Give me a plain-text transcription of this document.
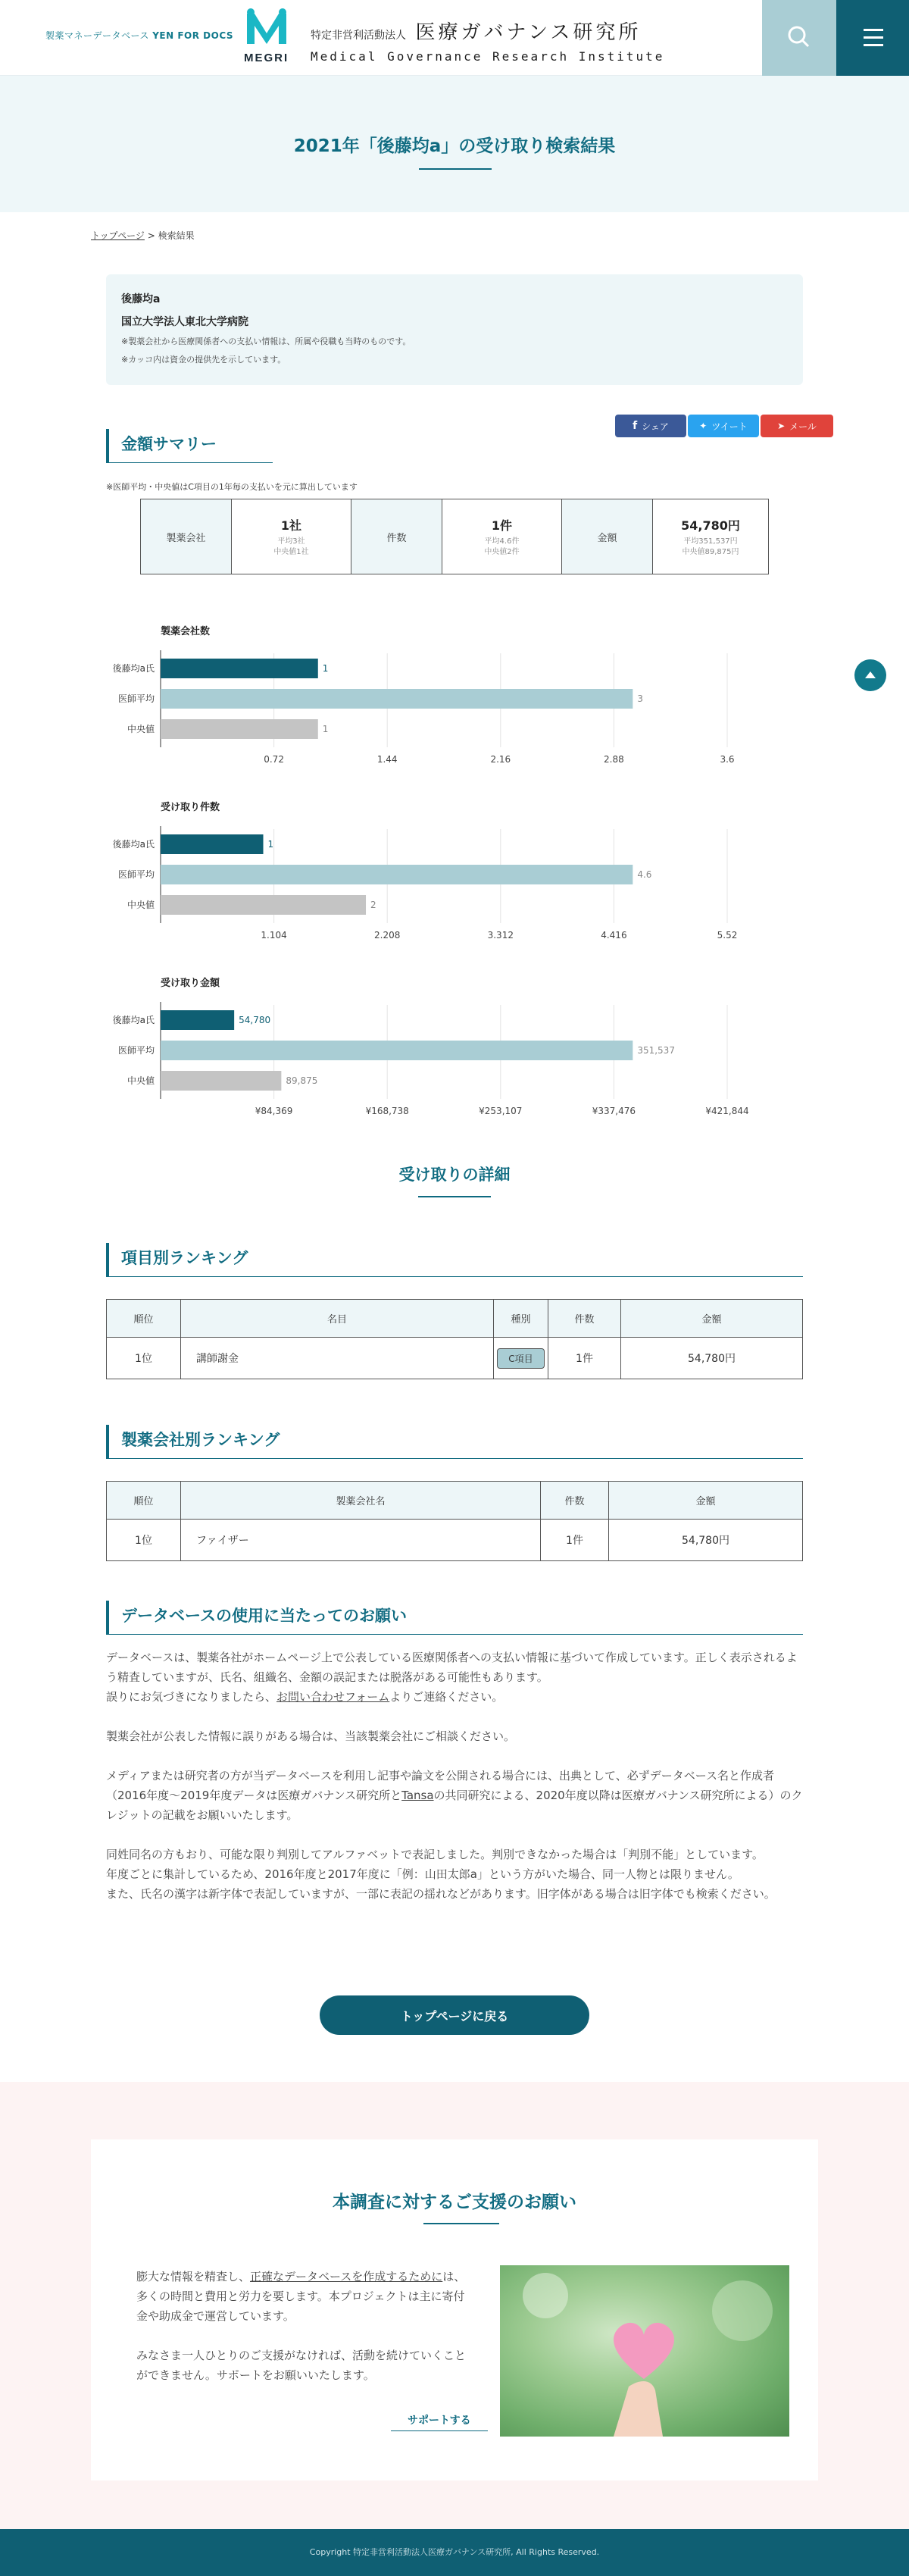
製薬マネーデータベース YEN FOR DOCS
MEGRI
特定非営利活動法人 医療ガバナンス研究所
Medical Governance Research Institute
2021年「後藤均a」の受け取り検索結果
トップページ > 検索結果
後藤均a
国立大学法人東北大学病院
※製薬会社から医療関係者への支払い情報は、所属や役職も当時のものです。
※カッコ内は資金の提供先を示しています。
f シェア	✦ ツイート	➤ メール
金額サマリー
※医師平均・中央値はC項目の1年毎の支払いを元に算出しています
製薬会社
1社
平均3社
中央値1社
件数
1件
平均4.6件
中央値2件
金額
54,780円
平均351,537円
中央値89,875円
製薬会社数
0.72	1.44	2.16	2.88	3.6
後藤均a氏	1
医師平均	3
中央値	1
受け取り件数
1.104	2.208	3.312	4.416	5.52
後藤均a氏	1
医師平均	4.6
中央値	2
受け取り金額
¥84,369	¥168,738	¥253,107	¥337,476	¥421,844
後藤均a氏	54,780
医師平均	351,537
中央値	89,875
受け取りの詳細
項目別ランキング
順位	名目	種別	件数	金額
1位	講師謝金	C項目	1件	54,780円
製薬会社別ランキング
順位	製薬会社名	件数	金額
1位	ファイザー	1件	54,780円
データベースの使用に当たってのお願い

データベースは、製薬各社がホームページ上で公表している医療関係者への支払い情報に基づいて作成しています。正しく表示されるよう精査していますが、氏名、組織名、金額の誤記または脱落がある可能性もあります。
誤りにお気づきになりましたら、お問い合わせフォームよりご連絡ください。

製薬会社が公表した情報に誤りがある場合は、当該製薬会社にご相談ください。

メディアまたは研究者の方が当データベースを利用し記事や論文を公開される場合には、出典として、必ずデータベース名と作成者（2016年度〜2019年度データは医療ガバナンス研究所とTansaの共同研究による、2020年度以降は医療ガバナンス研究所による）のクレジットの記載をお願いいたします。

同姓同名の方もおり、可能な限り判別してアルファベットで表記しました。判別できなかった場合は「判別不能」としています。
年度ごとに集計しているため、2016年度と2017年度に「例：山田太郎a」という方がいた場合、同一人物とは限りません。
また、氏名の漢字は新字体で表記していますが、一部に表記の揺れなどがあります。旧字体がある場合は旧字体でも検索ください。

トップページに戻る
本調査に対するご支援のお願い

膨大な情報を精査し、正確なデータベースを作成するためには、多くの時間と費用と労力を要します。本プロジェクトは主に寄付金や助成金で運営しています。

みなさま一人ひとりのご支援がなければ、活動を続けていくことができません。サポートをお願いいたします。

サポートする
Copyright 特定非営利活動法人医療ガバナンス研究所, All Rights Reserved.
